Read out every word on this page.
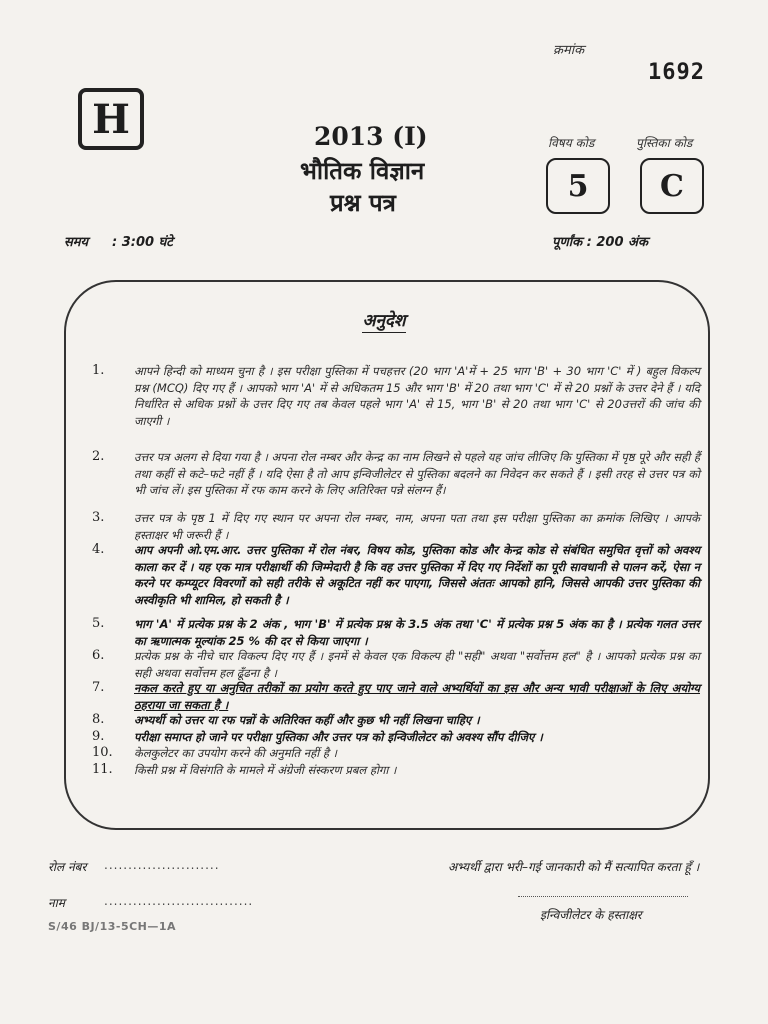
क्रमांक
1692
H	2013 (I)
भौतिक विज्ञान
प्रश्न पत्र
विषय कोड	पुस्तिका कोड
5	C
समय : 3:00 घंटे	पूर्णांक : 200 अंक
अनुदेश
1.	आपने हिन्दी को माध्यम चुना है । इस परीक्षा पुस्तिका में पचहत्तर (20 भाग 'A'में + 25 भाग 'B' + 30 भाग 'C' में ) बहुल विकल्प प्रश्न (MCQ) दिए गए हैं । आपको भाग 'A' में से अधिकतम 15 और भाग 'B' में 20 तथा भाग 'C' में से 20 प्रश्नों के उत्तर देने हैं । यदि निर्धारित से अधिक प्रश्नों के उत्तर दिए गए तब केवल पहले भाग 'A' से 15, भाग 'B' से 20 तथा भाग 'C' से 20उत्तरों की जांच की जाएगी ।
2.	उत्तर पत्र अलग से दिया गया है । अपना रोल नम्बर और केन्द्र का नाम लिखने से पहले यह जांच लीजिए कि पुस्तिका में पृष्ठ पूरे और सही हैं तथा कहीं से कटे–फटे नहीं हैं । यदि ऐसा है तो आप इन्विजीलेटर से पुस्तिका बदलने का निवेदन कर सकते हैं । इसी तरह से उत्तर पत्र को भी जांच लें। इस पुस्तिका में रफ काम करने के लिए अतिरिक्त पन्ने संलग्न हैं।
3.	उत्तर पत्र के पृष्ठ 1 में दिए गए स्थान पर अपना रोल नम्बर, नाम, अपना पता तथा इस परीक्षा पुस्तिका का क्रमांक लिखिए । आपके हस्ताक्षर भी जरूरी हैं ।
4.	आप अपनी ओ.एम.आर. उत्तर पुस्तिका में रोल नंबर, विषय कोड, पुस्तिका कोड और केन्द्र कोड से संबंधित समुचित वृत्तों को अवश्य काला कर दें । यह एक मात्र परीक्षार्थी की जिम्मेदारी है कि वह उत्तर पुस्तिका में दिए गए निर्देशों का पूरी सावधानी से पालन करें, ऐसा न करने पर कम्प्यूटर विवरणों को सही तरीके से अकूटित नहीं कर पाएगा, जिससे अंततः आपको हानि, जिससे आपकी उत्तर पुस्तिका की अस्वीकृति भी शामिल, हो सकती है ।
5.	भाग 'A' में प्रत्येक प्रश्न के 2 अंक , भाग 'B' में प्रत्येक प्रश्न के 3.5 अंक तथा 'C' में प्रत्येक प्रश्न 5 अंक का है । प्रत्येक गलत उत्तर का ऋणात्मक मूल्यांक 25 % की दर से किया जाएगा ।
6.	प्रत्येक प्रश्न के नीचे चार विकल्प दिए गए हैं । इनमें से केवल एक विकल्प ही "सही" अथवा "सर्वोत्तम हल" है । आपको प्रत्येक प्रश्न का सही अथवा सर्वोत्तम हल ढूँढना है ।
7.	नकल करते हुए या अनुचित तरीकों का प्रयोग करते हुए पाए जाने वाले अभ्यर्थियों का इस और अन्य भावी परीक्षाओं के लिए अयोग्य ठहराया जा सकता है ।
8.	अभ्यर्थी को उत्तर या रफ पन्नों के अतिरिक्त कहीं और कुछ भी नहीं लिखना चाहिए ।
9.	परीक्षा समाप्त हो जाने पर परीक्षा पुस्तिका और उत्तर पत्र को इन्विजीलेटर को अवश्य सौंप दीजिए ।
10.	केलकुलेटर का उपयोग करने की अनुमति नहीं है ।
11.	किसी प्रश्न में विसंगति के मामले में अंग्रेजी संस्करण प्रबल होगा ।
रोल नंबर ........................
नाम	...............................
अभ्यर्थी द्वारा भरी–गई जानकारी को मैं सत्यापित करता हूँ ।
इन्विजीलेटर के हस्ताक्षर
S/46 BJ/13-5CH—1A
